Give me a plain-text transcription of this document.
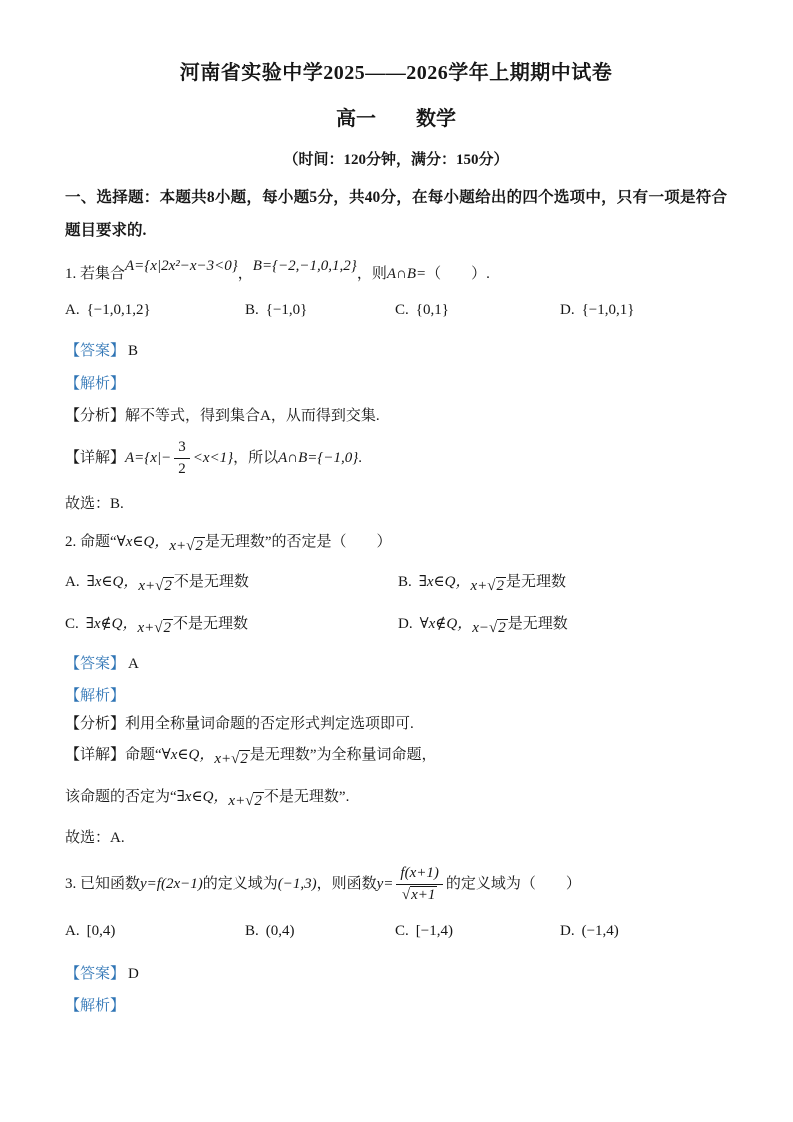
河南省实验中学2025——2026学年上期期中试卷
高一　　数学

（时间：120分钟，满分：150分）

一、选择题：本题共8小题，每小题5分，共40分，在每小题给出的四个选项中，只有一项是符合题目要求的.

1. 若集合A={x|2x²−x−3<0}，B={−2,−1,0,1,2}，则A∩B=（　　）.

A. {−1,0,1,2}	B. {−1,0}	C. {0,1}	D. {−1,0,1}

【答案】 B

【解析】

【分析】解不等式，得到集合A，从而得到交集.

【详解】$A=\{x|- \frac{3}{2} <x<1\}$，所以A∩B={−1,0}.

故选：B.

2. 命题“∀x∈Q，x+ √ 2 是无理数”的否定是（　　）

A. ∃x∈Q，x+ √ 2 不是无理数	B. ∃x∈Q，x+ √ 2 是无理数
C. ∃x∉Q，x+ √ 2 不是无理数	D. ∀x∉Q，x− √ 2 是无理数

【答案】 A

【解析】

【分析】利用全称量词命题的否定形式判定选项即可.

【详解】命题“∀x∈Q，x+ √ 2 是无理数”为全称量词命题，

该命题的否定为“∃x∈Q，x+ √ 2 不是无理数”.

故选：A.

3. 已知函数y=f(2x−1)的定义域为(−1,3)，则函数y= f(x+1)
√ x+1 的定义域为（　　）

A. [0,4)	B. (0,4)	C. [−1,4)	D. (−1,4)

【答案】 D

【解析】
